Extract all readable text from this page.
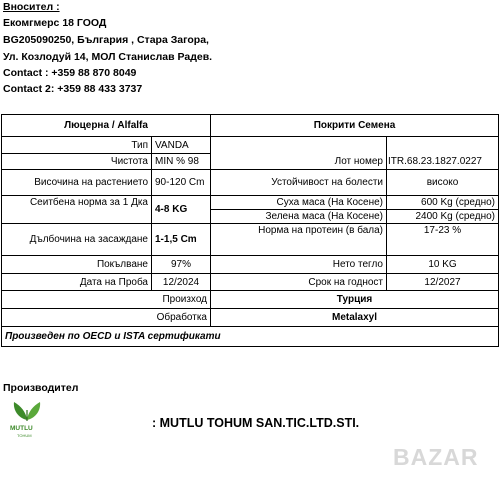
Вносител :
Екомгмерс 18 ГООД
BG205090250, България , Стара Загора,
Ул. Козлодуй 14, МОЛ Станислав Радев.
Contact : +359 88 870 8049
Contact 2: +359 88 433 3737
Люцерна / Alfalfa		Покрити Семена	
Тип	VANDA	Лот номер	ITR.68.23.1827.0227
Чистота	MIN % 98		
Височина на растението	90-120 Cm	Устойчивост на болести	високо
Сеитбена норма за 1 Дка	4-8 KG	Суха маса (На Косене)	600 Kg (средно)
		Зелена маса (На Косене)	2400 Kg (средно)
Дълбочина на засаждане	1-1,5 Cm	Норма на протеин (в бала)	17-23 %
Покълване	97%	Нето тегло	10 KG
Дата на Проба	12/2024	Срок на годност	12/2027
Произход		Турция	
Обработка		Metalaxyl	
Произведен по OECD и ISTA сертификати			
Производител
MUTLU
TOHUM
: MUTLU TOHUM SAN.TIC.LTD.STI.
BAZAR
